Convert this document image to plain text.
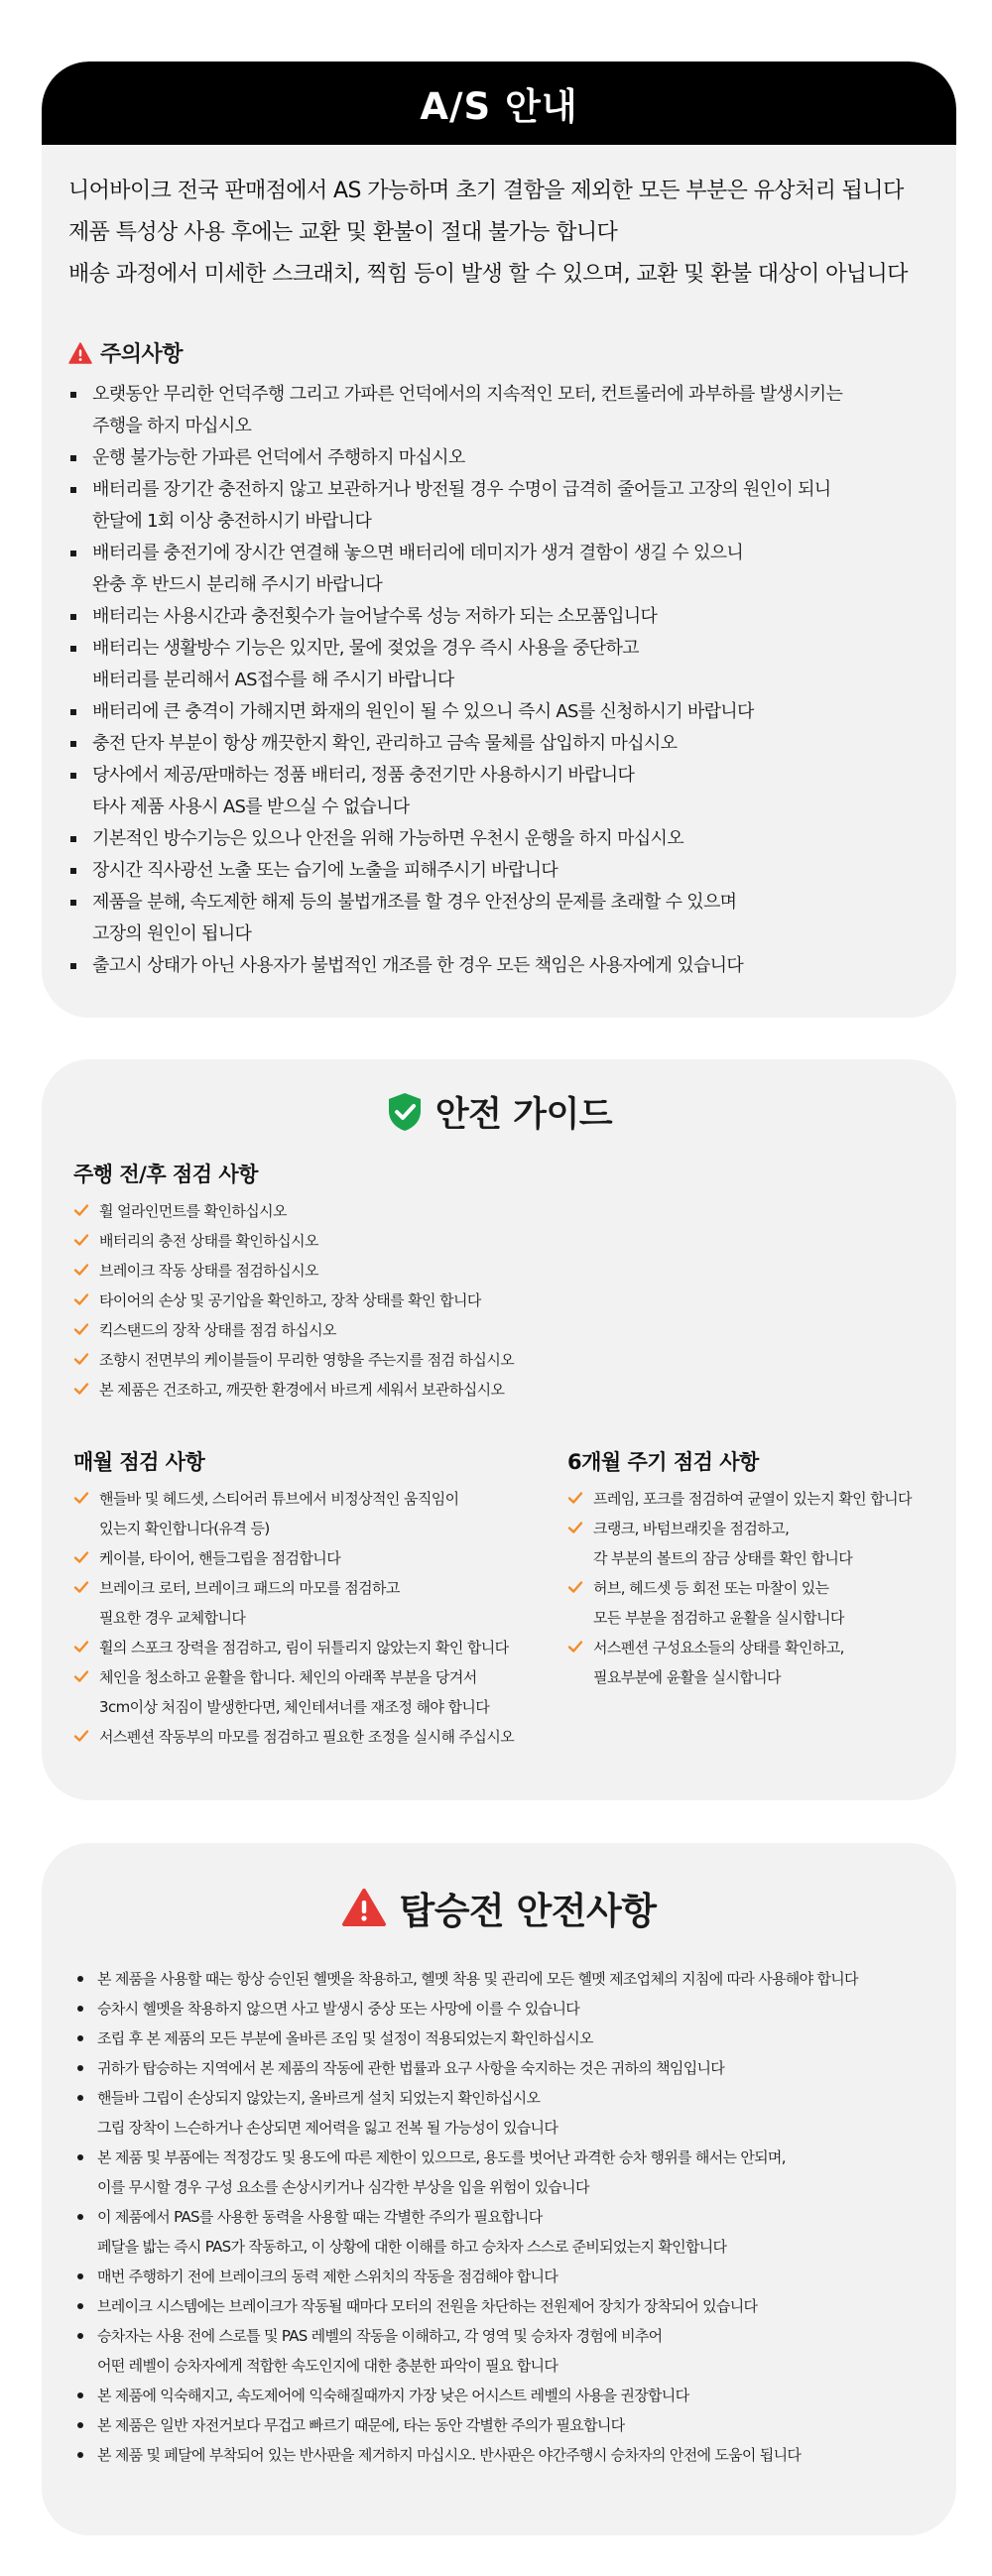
A/S 안내

니어바이크 전국 판매점에서 AS 가능하며 초기 결함을 제외한 모든 부분은 유상처리 됩니다

제품 특성상 사용 후에는 교환 및 환불이 절대 불가능 합니다

배송 과정에서 미세한 스크래치, 찍힘 등이 발생 할 수 있으며, 교환 및 환불 대상이 아닙니다

주의사항
오랫동안 무리한 언덕주행 그리고 가파른 언덕에서의 지속적인 모터, 컨트롤러에 과부하를 발생시키는
주행을 하지 마십시오
운행 불가능한 가파른 언덕에서 주행하지 마십시오
배터리를 장기간 충전하지 않고 보관하거나 방전될 경우 수명이 급격히 줄어들고 고장의 원인이 되니
한달에 1회 이상 충전하시기 바랍니다
배터리를 충전기에 장시간 연결해 놓으면 배터리에 데미지가 생겨 결함이 생길 수 있으니
완충 후 반드시 분리해 주시기 바랍니다
배터리는 사용시간과 충전횟수가 늘어날수록 성능 저하가 되는 소모품입니다
배터리는 생활방수 기능은 있지만, 물에 젖었을 경우 즉시 사용을 중단하고
배터리를 분리해서 AS접수를 해 주시기 바랍니다
배터리에 큰 충격이 가해지면 화재의 원인이 될 수 있으니 즉시 AS를 신청하시기 바랍니다
충전 단자 부분이 항상 깨끗한지 확인, 관리하고 금속 물체를 삽입하지 마십시오
당사에서 제공/판매하는 정품 배터리, 정품 충전기만 사용하시기 바랍니다
타사 제품 사용시 AS를 받으실 수 없습니다
기본적인 방수기능은 있으나 안전을 위해 가능하면 우천시 운행을 하지 마십시오
장시간 직사광선 노출 또는 습기에 노출을 피해주시기 바랍니다
제품을 분해, 속도제한 해제 등의 불법개조를 할 경우 안전상의 문제를 초래할 수 있으며
고장의 원인이 됩니다
출고시 상태가 아닌 사용자가 불법적인 개조를 한 경우 모든 책임은 사용자에게 있습니다
안전 가이드
주행 전/후 점검 사항
휠 얼라인먼트를 확인하십시오
배터리의 충전 상태를 확인하십시오
브레이크 작동 상태를 점검하십시오
타이어의 손상 및 공기압을 확인하고, 장착 상태를 확인 합니다
킥스탠드의 장착 상태를 점검 하십시오
조향시 전면부의 케이블들이 무리한 영향을 주는지를 점검 하십시오
본 제품은 건조하고, 깨끗한 환경에서 바르게 세워서 보관하십시오
매월 점검 사항
핸들바 및 헤드셋, 스티어러 튜브에서 비정상적인 움직임이
있는지 확인합니다(유격 등)
케이블, 타이어, 핸들그립을 점검합니다
브레이크 로터, 브레이크 패드의 마모를 점검하고
필요한 경우 교체합니다
휠의 스포크 장력을 점검하고, 림이 뒤틀리지 않았는지 확인 합니다
체인을 청소하고 윤활을 합니다. 체인의 아래쪽 부분을 당겨서
3cm이상 처짐이 발생한다면, 체인테셔너를 재조정 해야 합니다
서스펜션 작동부의 마모를 점검하고 필요한 조정을 실시해 주십시오
6개월 주기 점검 사항
프레임, 포크를 점검하여 균열이 있는지 확인 합니다
크랭크, 바텀브래킷을 점검하고,
각 부분의 볼트의 잠금 상태를 확인 합니다
허브, 헤드셋 등 회전 또는 마찰이 있는
모든 부분을 점검하고 윤활을 실시합니다
서스펜션 구성요소들의 상태를 확인하고,
필요부분에 윤활을 실시합니다
탑승전 안전사항
본 제품을 사용할 때는 항상 승인된 헬멧을 착용하고, 헬멧 착용 및 관리에 모든 헬멧 제조업체의 지침에 따라 사용해야 합니다
승차시 헬멧을 착용하지 않으면 사고 발생시 중상 또는 사망에 이를 수 있습니다
조립 후 본 제품의 모든 부분에 올바른 조임 및 설정이 적용되었는지 확인하십시오
귀하가 탑승하는 지역에서 본 제품의 작동에 관한 법률과 요구 사항을 숙지하는 것은 귀하의 책임입니다
핸들바 그립이 손상되지 않았는지, 올바르게 설치 되었는지 확인하십시오
그립 장착이 느슨하거나 손상되면 제어력을 잃고 전복 될 가능성이 있습니다
본 제품 및 부품에는 적정강도 및 용도에 따른 제한이 있으므로, 용도를 벗어난 과격한 승차 행위를 해서는 안되며,
이를 무시할 경우 구성 요소를 손상시키거나 심각한 부상을 입을 위험이 있습니다
이 제품에서 PAS를 사용한 동력을 사용할 때는 각별한 주의가 필요합니다
페달을 밟는 즉시 PAS가 작동하고, 이 상황에 대한 이해를 하고 승차자 스스로 준비되었는지 확인합니다
매번 주행하기 전에 브레이크의 동력 제한 스위치의 작동을 점검해야 합니다
브레이크 시스템에는 브레이크가 작동될 때마다 모터의 전원을 차단하는 전원제어 장치가 장착되어 있습니다
승차자는 사용 전에 스로틀 및 PAS 레벨의 작동을 이해하고, 각 영역 및 승차자 경험에 비추어
어떤 레벨이 승차자에게 적합한 속도인지에 대한 충분한 파악이 필요 합니다
본 제품에 익숙해지고, 속도제어에 익숙해질때까지 가장 낮은 어시스트 레벨의 사용을 권장합니다
본 제품은 일반 자전거보다 무겁고 빠르기 때문에, 타는 동안 각별한 주의가 필요합니다
본 제품 및 페달에 부착되어 있는 반사판을 제거하지 마십시오. 반사판은 야간주행시 승차자의 안전에 도움이 됩니다
